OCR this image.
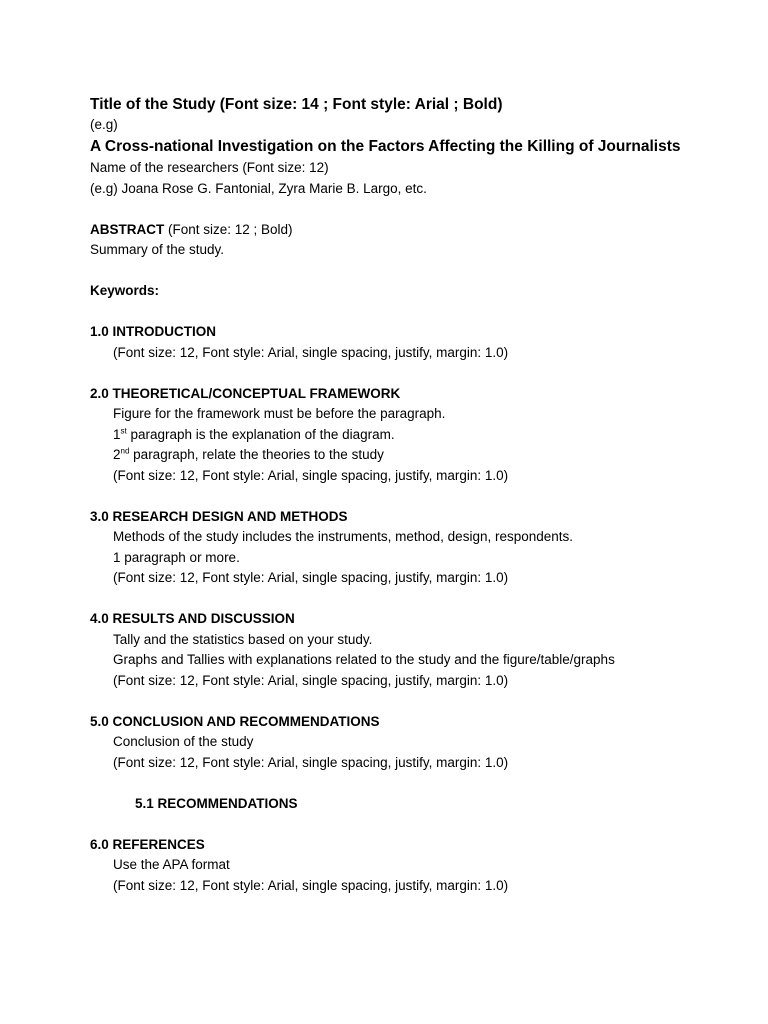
Title of the Study (Font size: 14 ; Font style: Arial ; Bold)
(e.g)
A Cross-national Investigation on the Factors Affecting the Killing of Journalists
Name of the researchers (Font size: 12)
(e.g) Joana Rose G. Fantonial, Zyra Marie B. Largo, etc.
ABSTRACT (Font size: 12 ; Bold)
Summary of the study.
Keywords:
1.0 INTRODUCTION
(Font size: 12, Font style: Arial, single spacing, justify, margin: 1.0)
2.0 THEORETICAL/CONCEPTUAL FRAMEWORK
Figure for the framework must be before the paragraph.
1st paragraph is the explanation of the diagram.
2nd paragraph, relate the theories to the study
(Font size: 12, Font style: Arial, single spacing, justify, margin: 1.0)
3.0 RESEARCH DESIGN AND METHODS
Methods of the study includes the instruments, method, design, respondents.
1 paragraph or more.
(Font size: 12, Font style: Arial, single spacing, justify, margin: 1.0)
4.0 RESULTS AND DISCUSSION
Tally and the statistics based on your study.
Graphs and Tallies with explanations related to the study and the figure/table/graphs
(Font size: 12, Font style: Arial, single spacing, justify, margin: 1.0)
5.0 CONCLUSION AND RECOMMENDATIONS
Conclusion of the study
(Font size: 12, Font style: Arial, single spacing, justify, margin: 1.0)
5.1 RECOMMENDATIONS
6.0 REFERENCES
Use the APA format
(Font size: 12, Font style: Arial, single spacing, justify, margin: 1.0)
